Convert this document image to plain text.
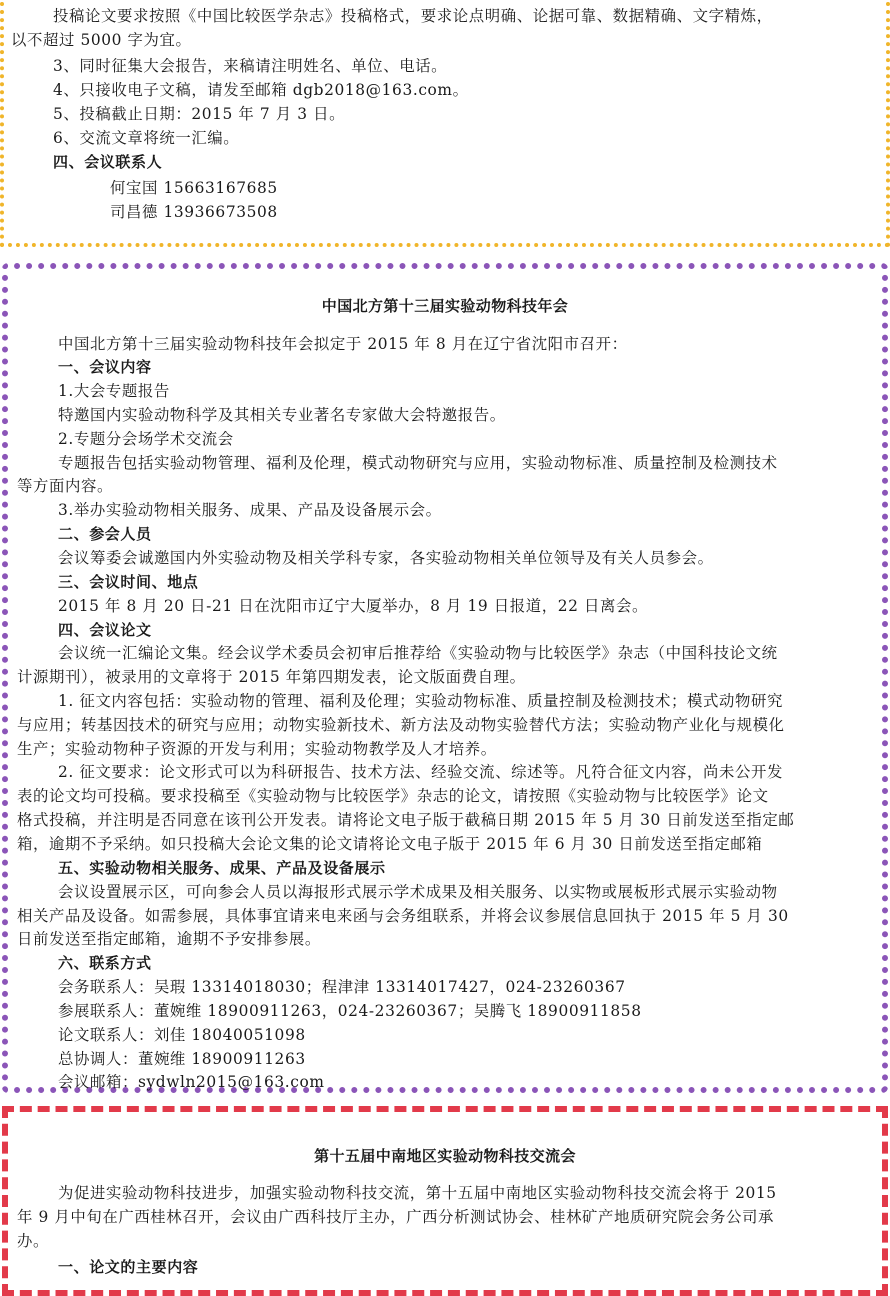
投稿论文要求按照《中国比较医学杂志》投稿格式，要求论点明确、论据可靠、数据精确、文字精炼，
以不超过 5000 字为宜。
3、同时征集大会报告，来稿请注明姓名、单位、电话。
4、只接收电子文稿，请发至邮箱 dgb2018@163.com。
5、投稿截止日期：2015 年 7 月 3 日。
6、交流文章将统一汇编。
四、会议联系人
何宝国 15663167685
司昌德 13936673508
中国北方第十三届实验动物科技年会
中国北方第十三届实验动物科技年会拟定于 2015 年 8 月在辽宁省沈阳市召开：
一、会议内容
1.大会专题报告
特邀国内实验动物科学及其相关专业著名专家做大会特邀报告。
2.专题分会场学术交流会
专题报告包括实验动物管理、福利及伦理，模式动物研究与应用，实验动物标准、质量控制及检测技术
等方面内容。
3.举办实验动物相关服务、成果、产品及设备展示会。
二、参会人员
会议筹委会诚邀国内外实验动物及相关学科专家，各实验动物相关单位领导及有关人员参会。
三、会议时间、地点
2015 年 8 月 20 日-21 日在沈阳市辽宁大厦举办，8 月 19 日报道，22 日离会。
四、会议论文
会议统一汇编论文集。经会议学术委员会初审后推荐给《实验动物与比较医学》杂志（中国科技论文统
计源期刊），被录用的文章将于 2015 年第四期发表，论文版面费自理。
1. 征文内容包括：实验动物的管理、福利及伦理；实验动物标准、质量控制及检测技术；模式动物研究
与应用；转基因技术的研究与应用；动物实验新技术、新方法及动物实验替代方法；实验动物产业化与规模化
生产；实验动物种子资源的开发与利用；实验动物教学及人才培养。
2. 征文要求：论文形式可以为科研报告、技术方法、经验交流、综述等。凡符合征文内容，尚未公开发
表的论文均可投稿。要求投稿至《实验动物与比较医学》杂志的论文，请按照《实验动物与比较医学》论文
格式投稿，并注明是否同意在该刊公开发表。请将论文电子版于截稿日期 2015 年 5 月 30 日前发送至指定邮
箱，逾期不予采纳。如只投稿大会论文集的论文请将论文电子版于 2015 年 6 月 30 日前发送至指定邮箱
五、实验动物相关服务、成果、产品及设备展示
会议设置展示区，可向参会人员以海报形式展示学术成果及相关服务、以实物或展板形式展示实验动物
相关产品及设备。如需参展，具体事宜请来电来函与会务组联系，并将会议参展信息回执于 2015 年 5 月 30
日前发送至指定邮箱，逾期不予安排参展。
六、联系方式
会务联系人：吴瑕 13314018030；程津津 13314017427，024-23260367
参展联系人：董婉维 18900911263，024-23260367；吴腾飞 18900911858
论文联系人：刘佳 18040051098
总协调人：董婉维 18900911263
会议邮箱：sydwln2015@163.com
第十五届中南地区实验动物科技交流会
为促进实验动物科技进步，加强实验动物科技交流，第十五届中南地区实验动物科技交流会将于 2015
年 9 月中旬在广西桂林召开，会议由广西科技厅主办，广西分析测试协会、桂林矿产地质研究院会务公司承
办。
一、论文的主要内容
